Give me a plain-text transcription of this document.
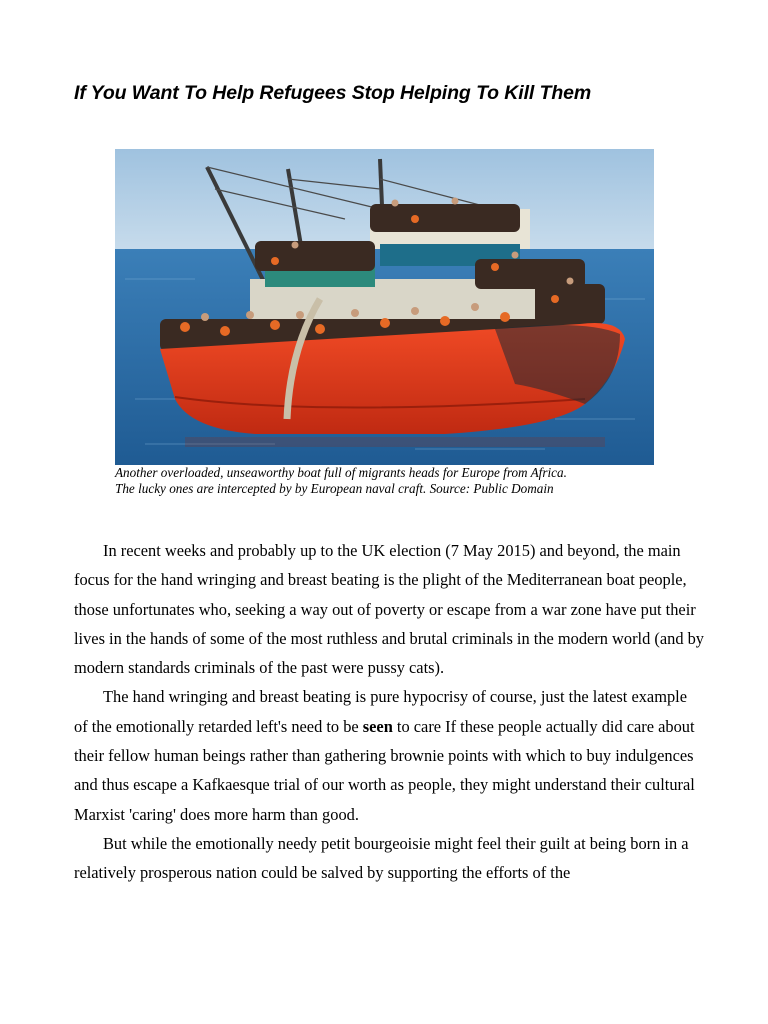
If You Want To Help Refugees Stop Helping To Kill Them
Another overloaded, unseaworthy boat full of migrants heads for Europe from Africa.
The lucky ones are intercepted by by European naval craft. Source: Public Domain

In recent weeks and probably up to the UK election (7 May 2015) and beyond, the main focus for the hand wringing and breast beating is the plight of the Mediterranean boat people, those unfortunates who, seeking a way out of poverty or escape from a war zone have put their lives in the hands of some of the most ruthless and brutal criminals in the modern world (and by modern standards criminals of the past were pussy cats).

The hand wringing and breast beating is pure hypocrisy of course, just the latest example of the emotionally retarded left's need to be seen to care If these people actually did care about their fellow human beings rather than gathering brownie points with which to buy indulgences and thus escape a Kafkaesque trial of our worth as people, they might understand their cultural Marxist 'caring' does more harm than good.

But while the emotionally needy petit bourgeoisie might feel their guilt at being born in a relatively prosperous nation could be salved by supporting the efforts of the
